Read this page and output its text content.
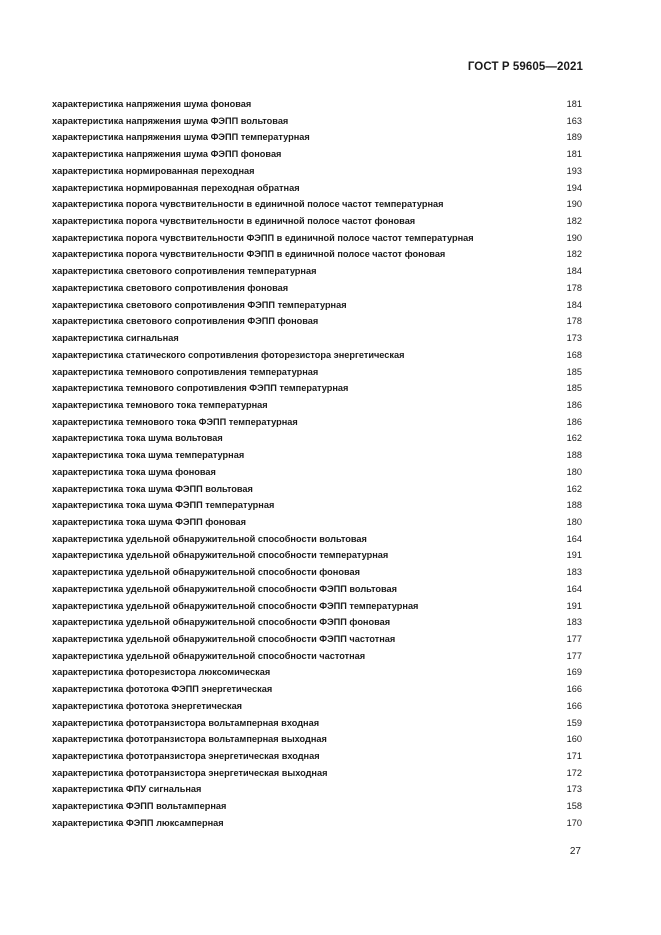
ГОСТ Р 59605—2021
характеристика напряжения шума фоновая	181
характеристика напряжения шума ФЭПП вольтовая	163
характеристика напряжения шума ФЭПП температурная	189
характеристика напряжения шума ФЭПП фоновая	181
характеристика нормированная переходная	193
характеристика нормированная переходная обратная	194
характеристика порога чувствительности в единичной полосе частот температурная	190
характеристика порога чувствительности в единичной полосе частот фоновая	182
характеристика порога чувствительности ФЭПП в единичной полосе частот температурная	190
характеристика порога чувствительности ФЭПП в единичной полосе частот фоновая	182
характеристика светового сопротивления температурная	184
характеристика светового сопротивления фоновая	178
характеристика светового сопротивления ФЭПП температурная	184
характеристика светового сопротивления ФЭПП фоновая	178
характеристика сигнальная	173
характеристика статического сопротивления фоторезистора энергетическая	168
характеристика темнового сопротивления температурная	185
характеристика темнового сопротивления ФЭПП температурная	185
характеристика темнового тока температурная	186
характеристика темнового тока ФЭПП температурная	186
характеристика тока шума вольтовая	162
характеристика тока шума температурная	188
характеристика тока шума фоновая	180
характеристика тока шума ФЭПП вольтовая	162
характеристика тока шума ФЭПП температурная	188
характеристика тока шума ФЭПП фоновая	180
характеристика удельной обнаружительной способности вольтовая	164
характеристика удельной обнаружительной способности температурная	191
характеристика удельной обнаружительной способности фоновая	183
характеристика удельной обнаружительной способности ФЭПП вольтовая	164
характеристика удельной обнаружительной способности ФЭПП температурная	191
характеристика удельной обнаружительной способности ФЭПП фоновая	183
характеристика удельной обнаружительной способности ФЭПП частотная	177
характеристика удельной обнаружительной способности частотная	177
характеристика фоторезистора люксомическая	169
характеристика фототока ФЭПП энергетическая	166
характеристика фототока энергетическая	166
характеристика фототранзистора вольтамперная входная	159
характеристика фототранзистора вольтамперная выходная	160
характеристика фототранзистора энергетическая входная	171
характеристика фототранзистора энергетическая выходная	172
характеристика ФПУ сигнальная	173
характеристика ФЭПП вольтамперная	158
характеристика ФЭПП люксамперная	170
27
